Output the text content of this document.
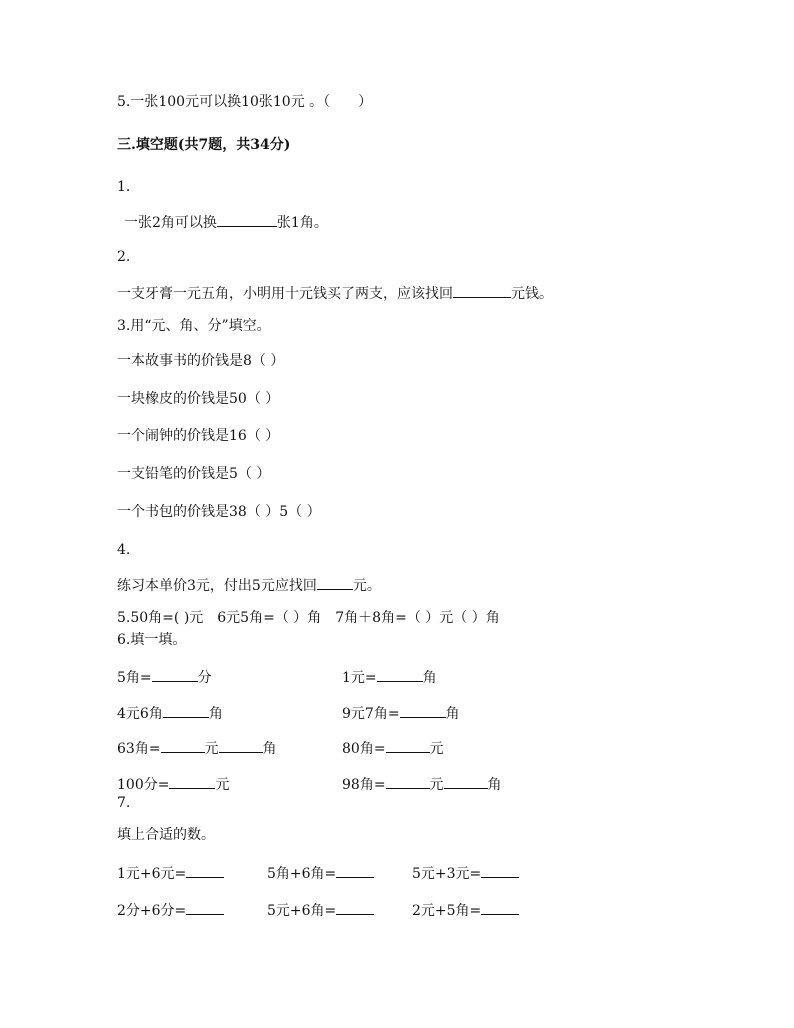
5.一张100元可以换10张10元 。（　　）
三.填空题(共7题，共34分)
1.
一张2角可以换	张1角。
2.
一支牙膏一元五角，小明用十元钱买了两支，应该找回	元钱。
3.用“元、角、分”填空。
一本故事书的价钱是8（ ）
一块橡皮的价钱是50（ ）
一个闹钟的价钱是16（ ）
一支铅笔的价钱是5（ ）
一个书包的价钱是38（ ）5（ ）
4.
练习本单价3元，付出5元应找回	元。
5.50角=( )元　6元5角=（ ）角　7角＋8角=（ ）元（ ）角
6.填一填。
5角=	分	1元=	角
4元6角	角	9元7角=	角
63角=	元	角	80角=	元
100分=	元	98角=	元	角
7.
填上合适的数。
1元+6元=	5角+6角=	5元+3元=
2分+6分=	5元+6角=	2元+5角=
